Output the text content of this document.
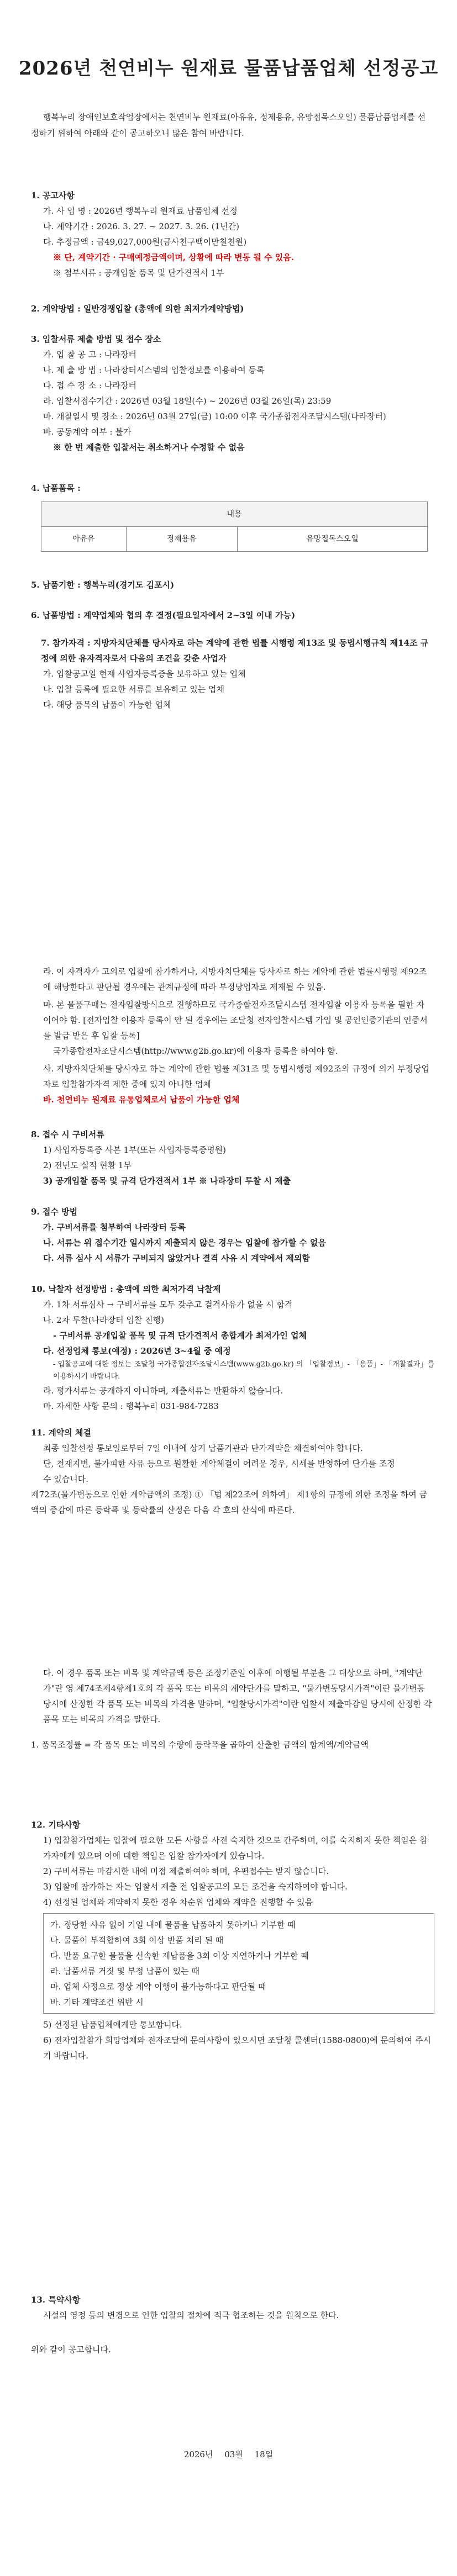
2026년 천연비누 원재료 물품납품업체 선정공고
행복누리 장애인보호작업장에서는 천연비누 원재료(아유유, 정제용유, 유망접목스오일) 물품납품업체를 선정하기 위하여 아래와 같이 공고하오니 많은 참여 바랍니다.
1. 공고사항
가. 사 업 명 : 2026년 행복누리 원재료 납품업체 선정
나. 계약기간 : 2026. 3. 27. ~ 2027. 3. 26. (1년간)
다. 추정금액 : 금49,027,000원(금사천구백이만칠천원)
※ 단, 계약기간 · 구매예정금액이며, 상황에 따라 변동 될 수 있음.
※ 첨부서류 : 공개입찰 품목 및 단가견적서 1부
2. 계약방법 : 일반경쟁입찰 (총액에 의한 최저가계약방법)
3. 입찰서류 제출 방법 및 접수 장소
가. 입 찰 공 고 : 나라장터
나. 제 출 방 법 : 나라장터시스템의 입찰정보를 이용하여 등록
다. 접 수 장 소 : 나라장터
라. 입찰서접수기간 : 2026년 03월 18일(수) ~ 2026년 03월 26일(목) 23:59
마. 개찰일시 및 장소 : 2026년 03월 27일(금) 10:00 이후 국가종합전자조달시스템(나라장터)
바. 공동계약 여부 : 불가
※ 한 번 제출한 입찰서는 취소하거나 수정할 수 없음
4. 납품품목 :
내용
아유유	정제용유	유망접목스오일
5. 납품기한 : 행복누리(경기도 김포시)
6. 납품방법 : 계약업체와 협의 후 결정(필요일자에서 2~3일 이내 가능)
7. 참가자격 : 지방자치단체를 당사자로 하는 계약에 관한 법률 시행령 제13조 및 동법시행규칙 제14조 규정에 의한 유자격자로서 다음의 조건을 갖춘 사업자
가. 입찰공고일 현재 사업자등록증을 보유하고 있는 업체
나. 입찰 등록에 필요한 서류를 보유하고 있는 업체
다. 해당 품목의 납품이 가능한 업체
라. 이 자격자가 고의로 입찰에 참가하거나, 지방자치단체를 당사자로 하는 계약에 관한 법률시행령 제92조에 해당한다고 판단될 경우에는 관계규정에 따라 부정당업자로 제재될 수 있음.
마. 본 물품구매는 전자입찰방식으로 진행하므로 국가종합전자조달시스템 전자입찰 이용자 등록을 필한 자 이어야 함. [전자입찰 이용자 등록이 안 된 경우에는 조달청 전자입찰시스템 가입 및 공인인증기관의 인증서를 발급 받은 후 입찰 등록]
국가종합전자조달시스템(http://www.g2b.go.kr)에 이용자 등록을 하여야 함.
사. 지방자치단체를 당사자로 하는 계약에 관한 법률 제31조 및 동법시행령 제92조의 규정에 의거 부정당업자로 입찰참가자격 제한 중에 있지 아니한 업체
바. 천연비누 원재료 유통업체로서 납품이 가능한 업체
8. 접수 시 구비서류
1) 사업자등록증 사본 1부(또는 사업자등록증명원)
2) 전년도 실적 현황 1부
3) 공개입찰 품목 및 규격 단가견적서 1부 ※ 나라장터 투찰 시 제출
9. 접수 방법
가. 구비서류를 첨부하여 나라장터 등록
나. 서류는 위 접수기간 일시까지 제출되지 않은 경우는 입찰에 참가할 수 없음
다. 서류 심사 시 서류가 구비되지 않았거나 결격 사유 시 계약에서 제외함
10. 낙찰자 선정방법 : 총액에 의한 최저가격 낙찰제
가. 1차 서류심사 → 구비서류를 모두 갖추고 결격사유가 없을 시 합격
나. 2차 투찰(나라장터 입찰 진행)
- 구비서류 공개입찰 품목 및 규격 단가견적서 총합계가 최저가인 업체
다. 선정업체 통보(예정) : 2026년 3~4월 중 예정
- 입찰공고에 대한 정보는 조달청 국가종합전자조달시스템(www.g2b.go.kr) 의 「입찰정보」- 「용품」- 「개찰결과」를 이용하시기 바랍니다.
라. 평가서류는 공개하지 아니하며, 제출서류는 반환하지 않습니다.
마. 자세한 사항 문의 : 행복누리 031-984-7283
11. 계약의 체결
최종 입찰선정 통보일로부터 7일 이내에 상기 납품기관과 단가계약을 체결하여야 합니다.
단, 천재지변, 불가피한 사유 등으로 원활한 계약체결이 어려운 경우, 시세를 반영하여 단가를 조정
수 있습니다.
제72조(물가변동으로 인한 계약금액의 조정) ① 「법 제22조에 의하여」 제1항의 규정에 의한 조정을 하여 금액의 증감에 따른 등락폭 및 등락률의 산정은 다음 각 호의 산식에 따른다.
다. 이 경우 품목 또는 비목 및 계약금액 등은 조정기준일 이후에 이행될 부분을 그 대상으로 하며, "계약단가"란 영 제74조제4항제1호의 각 품목 또는 비목의 계약단가를 말하고, "물가변동당시가격"이란 물가변동 당시에 산정한 각 품목 또는 비목의 가격을 말하며, "입찰당시가격"이란 입찰서 제출마감일 당시에 산정한 각 품목 또는 비목의 가격을 말한다.
1. 품목조정률 = 각 품목 또는 비목의 수량에 등락폭을 곱하여 산출한 금액의 합계액/계약금액
12. 기타사항
1) 입찰참가업체는 입찰에 필요한 모든 사항을 사전 숙지한 것으로 간주하며, 이를 숙지하지 못한 책임은 참가자에게 있으며 이에 대한 책임은 입찰 참가자에게 있습니다.
2) 구비서류는 마감시한 내에 미접 제출하여야 하며, 우편접수는 받지 않습니다.
3) 입찰에 참가하는 자는 입찰서 제출 전 입찰공고의 모든 조건을 숙지하여야 합니다.
4) 선정된 업체와 계약하지 못한 경우 차순위 업체와 계약을 진행할 수 있음
가. 정당한 사유 없이 기일 내에 물품을 납품하지 못하거나 거부한 때
나. 물품이 부적합하여 3회 이상 반품 처리 된 때
다. 반품 요구한 물품을 신속한 재납품을 3회 이상 지연하거나 거부한 때
라. 납품서류 거짓 및 부정 납품이 있는 때
마. 업체 사정으로 정상 계약 이행이 불가능하다고 판단될 때
바. 기타 계약조건 위반 시
5) 선정된 납품업체에게만 통보합니다.
6) 전자입찰참가 희망업체와 전자조달에 문의사항이 있으시면 조달청 콜센터(1588-0800)에 문의하여 주시기 바랍니다.
13. 특약사항
시설의 영정 등의 변경으로 인한 입찰의 절차에 적극 협조하는 것을 원칙으로 한다.
위와 같이 공고합니다.
2026년 03월 18일
